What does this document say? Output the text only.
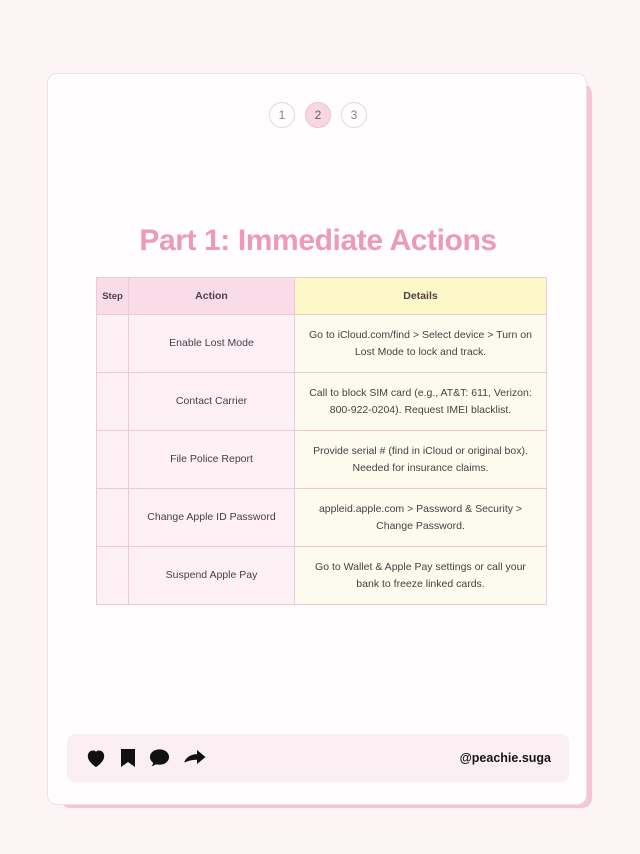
1	2	3
Part 1: Immediate Actions
Step	Action	Details
	Enable Lost Mode	Go to iCloud.com/find > Select device > Turn on Lost Mode to lock and track.
	Contact Carrier	Call to block SIM card (e.g., AT&T: 611, Verizon: 800-922-0204). Request IMEI blacklist.
	File Police Report	Provide serial # (find in iCloud or original box). Needed for insurance claims.
	Change Apple ID Password	appleid.apple.com > Password & Security > Change Password.
	Suspend Apple Pay	Go to Wallet & Apple Pay settings or call your bank to freeze linked cards.
@peachie.suga
